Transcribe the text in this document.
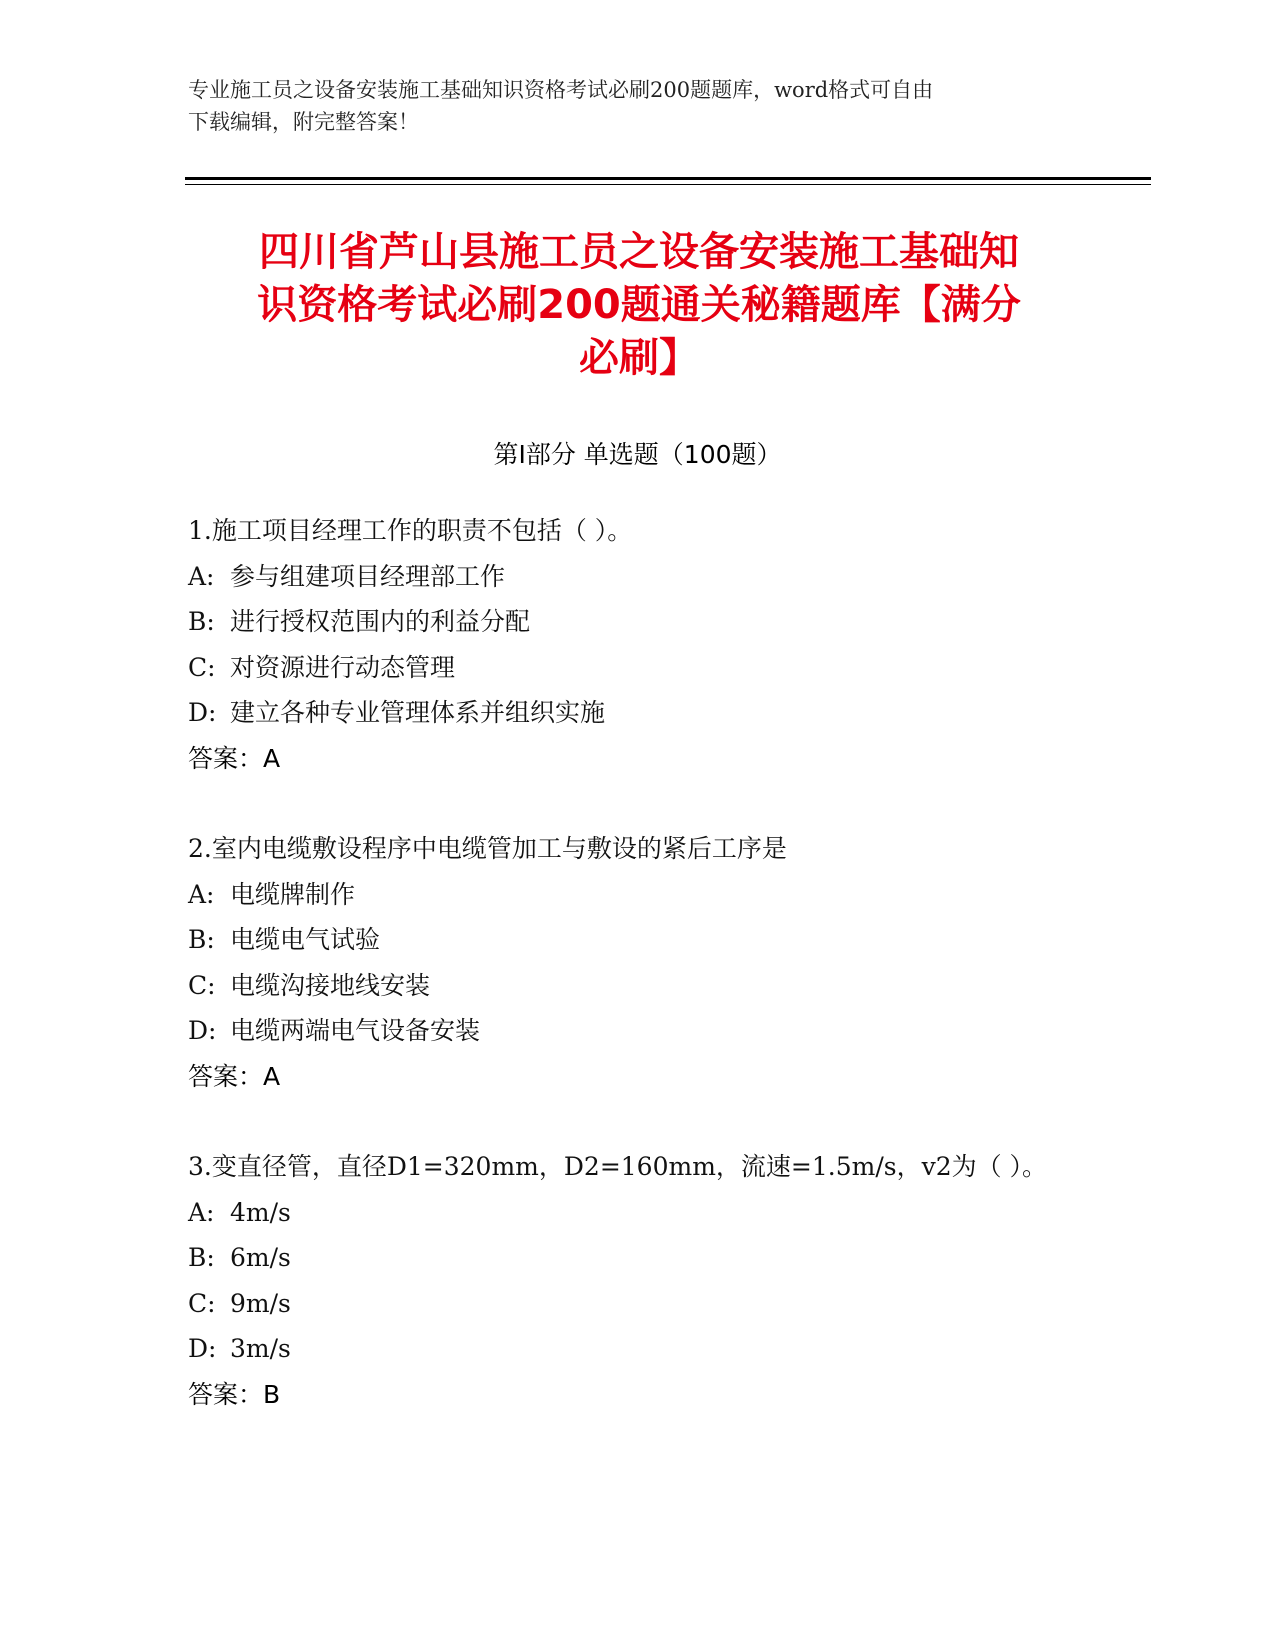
专业施工员之设备安装施工基础知识资格考试必刷200题题库，word格式可自由
下载编辑，附完整答案！
四川省芦山县施工员之设备安装施工基础知
识资格考试必刷200题通关秘籍题库【满分
必刷】
第Ⅰ部分 单选题（100题）
1.施工项目经理工作的职责不包括（ ）。
A: 参与组建项目经理部工作
B: 进行授权范围内的利益分配
C: 对资源进行动态管理
D: 建立各种专业管理体系并组织实施
答案：A
2.室内电缆敷设程序中电缆管加工与敷设的紧后工序是
A: 电缆牌制作
B: 电缆电气试验
C: 电缆沟接地线安装
D: 电缆两端电气设备安装
答案：A
3.变直径管，直径D1=320mm，D2=160mm，流速=1.5m/s，v2为（ ）。
A: 4m/s
B: 6m/s
C: 9m/s
D: 3m/s
答案：B
